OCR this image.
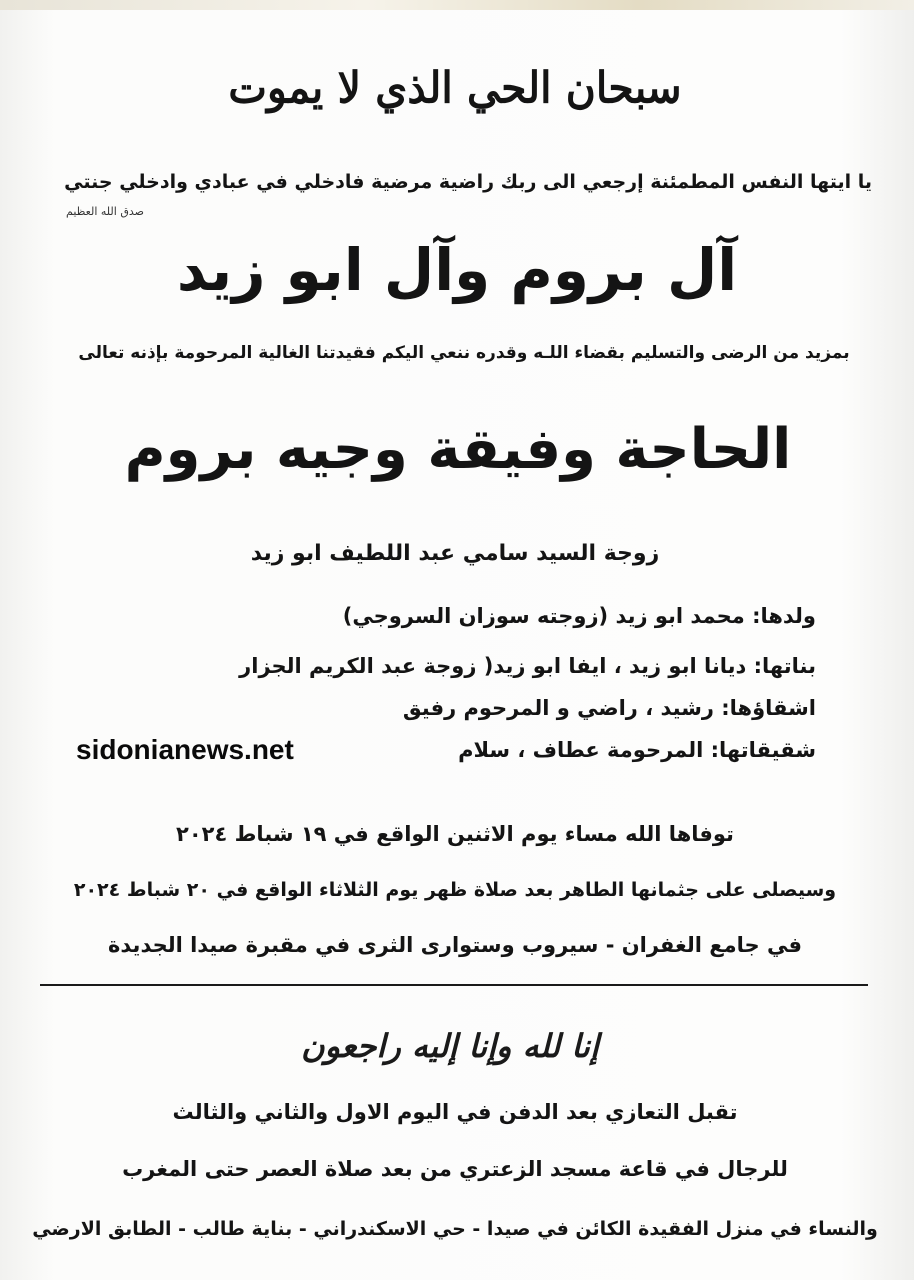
سبحان الحي الذي لا يموت
يا ايتها النفس المطمئنة إرجعي الى ربك راضية مرضية فادخلي في عبادي وادخلي جنتي
صدق الله العظيم
آل بروم وآل ابو زيد
بمزيد من الرضى والتسليم بقضاء اللـه وقدره ننعي اليكم فقيدتنا الغالية المرحومة بإذنه تعالى
الحاجة وفيقة وجيه بروم
زوجة السيد سامي عبد اللطيف ابو زيد
ولدها: محمد ابو زيد (زوجته سوزان السروجي)
بناتها: ديانا ابو زيد ، ايفا ابو زيد( زوجة عبد الكريم الجزار
اشقاؤها: رشيد ، راضي و المرحوم رفيق
شقيقاتها: المرحومة عطاف ، سلام
sidonianews.net
توفاها الله مساء يوم الاثنين الواقع في ١٩ شباط ٢٠٢٤
وسيصلى على جثمانها الطاهر بعد صلاة ظهر يوم الثلاثاء الواقع في ٢٠ شباط ٢٠٢٤
في جامع الغفران - سيروب وستوارى الثرى في مقبرة صيدا الجديدة
إنا لله وإنا إليه راجعون
تقبل التعازي بعد الدفن في اليوم الاول والثاني والثالث
للرجال في قاعة مسجد الزعتري من بعد صلاة العصر حتى المغرب
والنساء في منزل الفقيدة الكائن في صيدا - حي الاسكندراني - بناية طالب - الطابق الارضي
